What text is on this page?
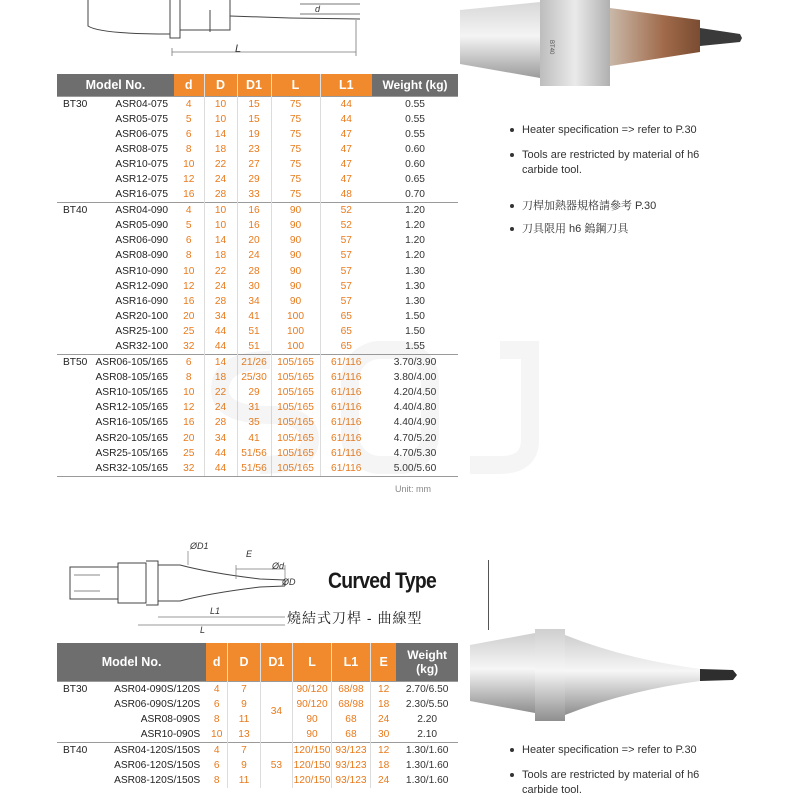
L
d
BT40
Model No.	d	D	D1	L	L1	Weight (kg)

BT30 ASR04-075	4	10	15	75	44	0.55
ASR05-075	5	10	15	75	44	0.55
ASR06-075	6	14	19	75	47	0.55
ASR08-075	8	18	23	75	47	0.60
ASR10-075	10	22	27	75	47	0.60
ASR12-075	12	24	29	75	47	0.65
ASR16-075	16	28	33	75	48	0.70

BT40 ASR04-090	4	10	16	90	52	1.20
ASR05-090	5	10	16	90	52	1.20
ASR06-090	6	14	20	90	57	1.20
ASR08-090	8	18	24	90	57	1.20
ASR10-090	10	22	28	90	57	1.30
ASR12-090	12	24	30	90	57	1.30
ASR16-090	16	28	34	90	57	1.30
ASR20-100	20	34	41	100	65	1.50
ASR25-100	25	44	51	100	65	1.50
ASR32-100	32	44	51	100	65	1.55

BT50 ASR06-105/165	6	14	21/26	105/165	61/116	3.70/3.90
ASR08-105/165	8	18	25/30	105/165	61/116	3.80/4.00
ASR10-105/165	10	22	29	105/165	61/116	4.20/4.50
ASR12-105/165	12	24	31	105/165	61/116	4.40/4.80
ASR16-105/165	16	28	35	105/165	61/116	4.40/4.90
ASR20-105/165	20	34	41	105/165	61/116	4.70/5.20
ASR25-105/165	25	44	51/56	105/165	61/116	4.70/5.30
ASR32-105/165	32	44	51/56	105/165	61/116	5.00/5.60
Unit: mm
Heater specification => refer to P.30
Tools are restricted by material of h6
carbide tool.
刀桿加熱器規格請參考 P.30
刀具限用 h6 鎢鋼刀具
ØD1
E
Ød
ØD
L1
L
Curved Type
燒結式刀桿 - 曲線型
Model No.	d	D	D1	L	L1	E	Weight (kg)

BT30 ASR04-090S/120S	4	7	34	90/120	68/98	12	2.70/6.50
ASR06-090S/120S	6	9		90/120	68/98	18	2.30/5.50
ASR08-090S	8	11		90	68	24	2.20
ASR10-090S	10	13		90	68	30	2.10

BT40 ASR04-120S/150S	4	7	53	120/150	93/123	12	1.30/1.60
ASR06-120S/150S	6	9		120/150	93/123	18	1.30/1.60
ASR08-120S/150S	8	11		120/150	93/123	24	1.30/1.60
Heater specification => refer to P.30
Tools are restricted by material of h6
carbide tool.
